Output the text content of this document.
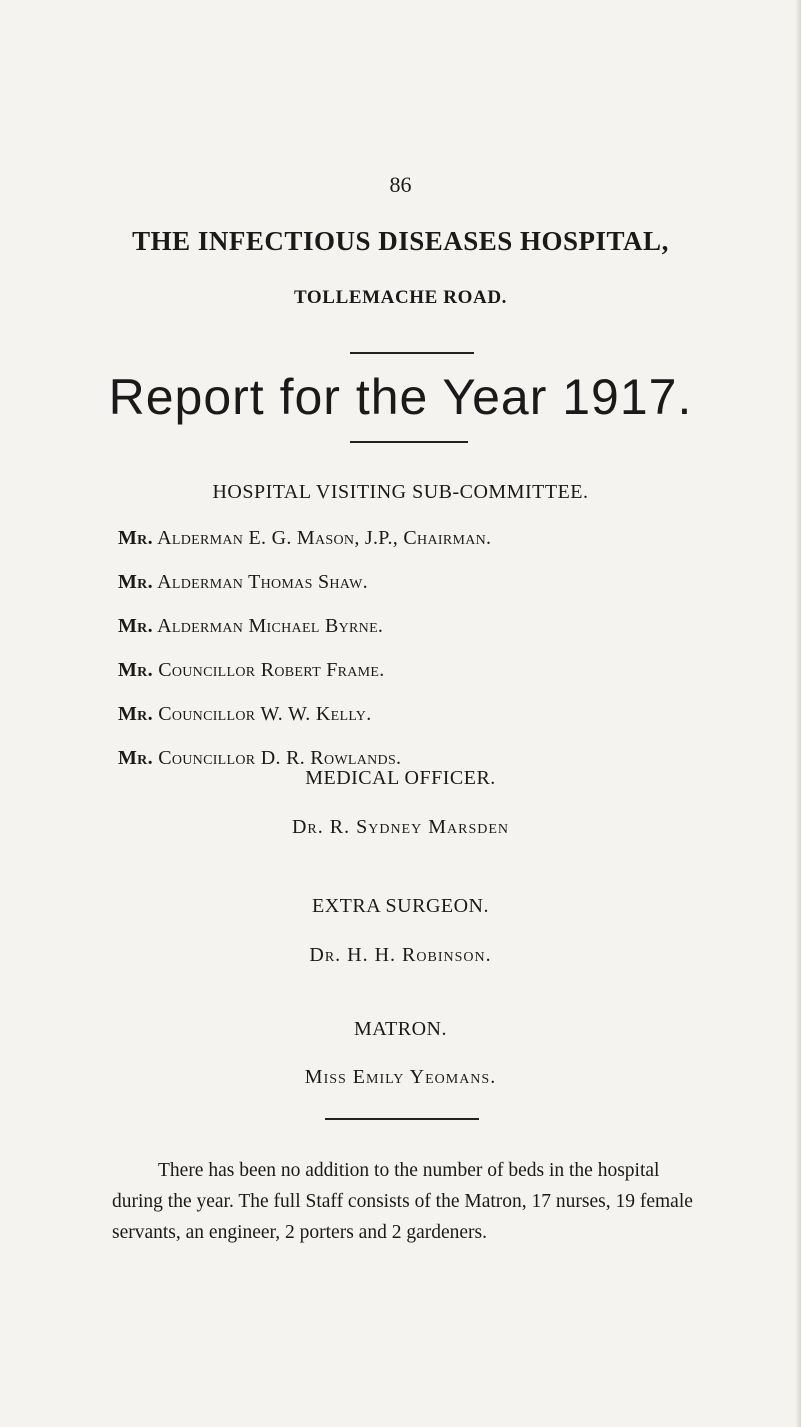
86
THE INFECTIOUS DISEASES HOSPITAL,
TOLLEMACHE ROAD.
Report for the Year 1917.
HOSPITAL VISITING SUB-COMMITTEE.
Mr. Alderman E. G. Mason, J.P., Chairman.
Mr. Alderman Thomas Shaw.
Mr. Alderman Michael Byrne.
Mr. Councillor Robert Frame.
Mr. Councillor W. W. Kelly.
Mr. Councillor D. R. Rowlands.
MEDICAL OFFICER.
Dr. R. Sydney Marsden
EXTRA SURGEON.
Dr. H. H. Robinson.
MATRON.
Miss Emily Yeomans.

There has been no addition to the number of beds in the hospital during the year. The full Staff consists of the Matron, 17 nurses, 19 female servants, an engineer, 2 porters and 2 gardeners.
